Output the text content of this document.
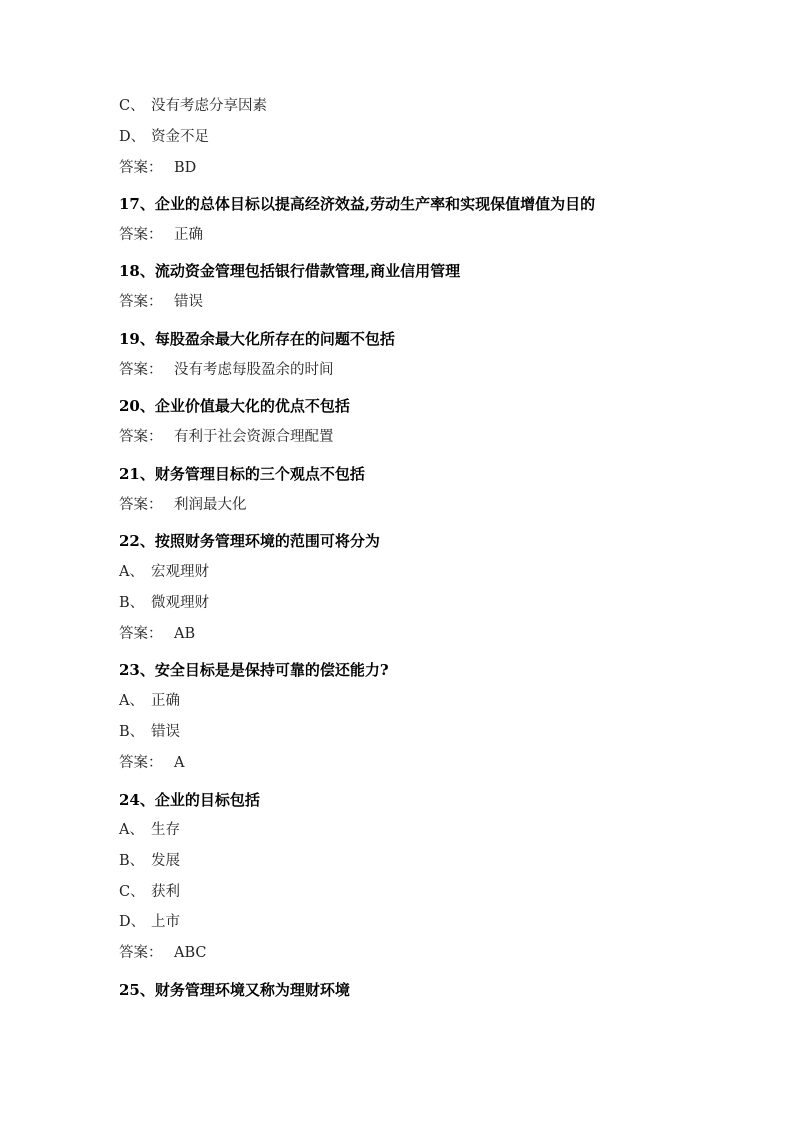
C、 没有考虑分享因素
D、 资金不足
答案： BD
17、企业的总体目标以提高经济效益,劳动生产率和实现保值增值为目的
答案： 正确
18、流动资金管理包括银行借款管理,商业信用管理
答案： 错误
19、每股盈余最大化所存在的问题不包括
答案： 没有考虑每股盈余的时间
20、企业价值最大化的优点不包括
答案： 有利于社会资源合理配置
21、财务管理目标的三个观点不包括
答案： 利润最大化
22、按照财务管理环境的范围可将分为
A、 宏观理财
B、 微观理财
答案： AB
23、安全目标是是保持可靠的偿还能力?
A、 正确
B、 错误
答案： A
24、企业的目标包括
A、 生存
B、 发展
C、 获利
D、 上市
答案： ABC
25、财务管理环境又称为理财环境
